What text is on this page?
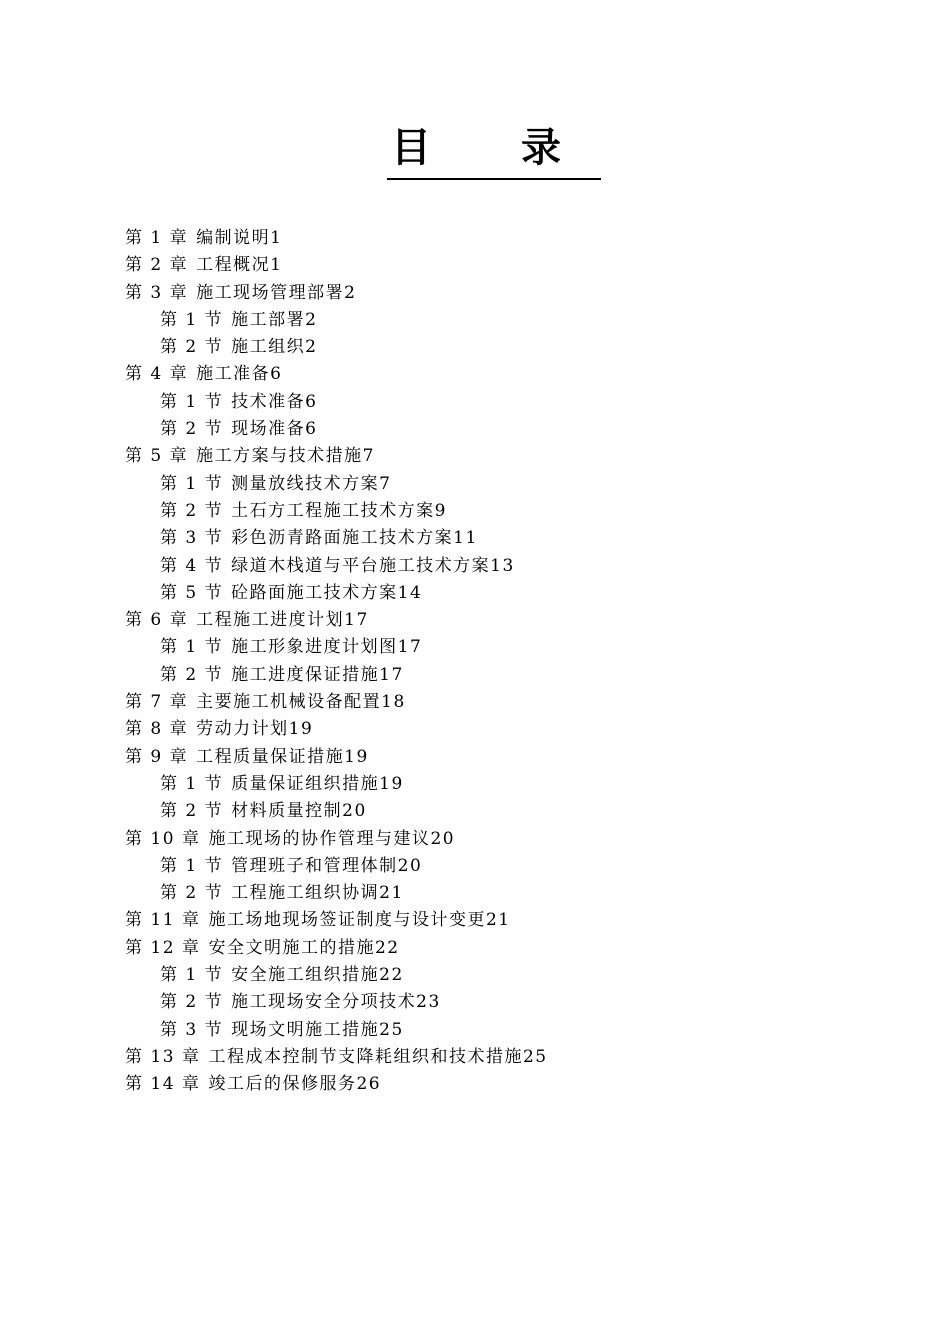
目 录
第 1 章 编制说明1
第 2 章 工程概况1
第 3 章 施工现场管理部署2
第 1 节 施工部署2
第 2 节 施工组织2
第 4 章 施工准备6
第 1 节 技术准备6
第 2 节 现场准备6
第 5 章 施工方案与技术措施7
第 1 节 测量放线技术方案7
第 2 节 土石方工程施工技术方案9
第 3 节 彩色沥青路面施工技术方案11
第 4 节 绿道木栈道与平台施工技术方案13
第 5 节 砼路面施工技术方案14
第 6 章 工程施工进度计划17
第 1 节 施工形象进度计划图17
第 2 节 施工进度保证措施17
第 7 章 主要施工机械设备配置18
第 8 章 劳动力计划19
第 9 章 工程质量保证措施19
第 1 节 质量保证组织措施19
第 2 节 材料质量控制20
第 10 章 施工现场的协作管理与建议20
第 1 节 管理班子和管理体制20
第 2 节 工程施工组织协调21
第 11 章 施工场地现场签证制度与设计变更21
第 12 章 安全文明施工的措施22
第 1 节 安全施工组织措施22
第 2 节 施工现场安全分项技术23
第 3 节 现场文明施工措施25
第 13 章 工程成本控制节支降耗组织和技术措施25
第 14 章 竣工后的保修服务26
